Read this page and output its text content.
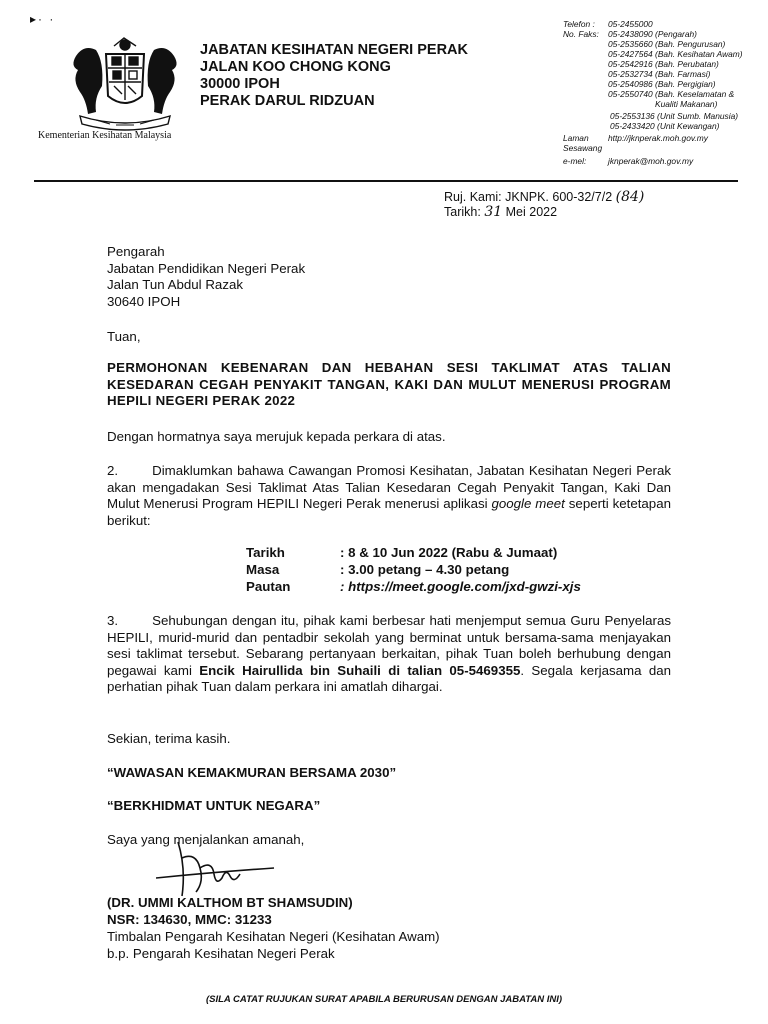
▸· ·
Kementerian Kesihatan Malaysia
JABATAN KESIHATAN NEGERI PERAK
JALAN KOO CHONG KONG
30000 IPOH
PERAK DARUL RIDZUAN
Telefon : 05-2455000
No. Faks: 05-2438090 (Pengarah)
05-2535660 (Bah. Pengurusan)
05-2427564 (Bah. Kesihatan Awam)
05-2542916 (Bah. Perubatan)
05-2532734 (Bah. Farmasi)
05-2540986 (Bah. Pergigian)
05-2550740 (Bah. Keselamatan &
Kualiti Makanan)
05-2553136 (Unit Sumb. Manusia)
05-2433420 (Unit Kewangan)
Laman http://jknperak.moh.gov.my
Sesawang
e-mel:	jknperak@moh.gov.my
Ruj. Kami: JKNPK. 600-32/7/2 (84)
Tarikh: 31 Mei 2022
Pengarah
Jabatan Pendidikan Negeri Perak
Jalan Tun Abdul Razak
30640 IPOH
Tuan,
PERMOHONAN KEBENARAN DAN HEBAHAN SESI TAKLIMAT ATAS TALIAN KESEDARAN CEGAH PENYAKIT TANGAN, KAKI DAN MULUT MENERUSI PROGRAM HEPILI NEGERI PERAK 2022
Dengan hormatnya saya merujuk kepada perkara di atas.
2.	Dimaklumkan bahawa Cawangan Promosi Kesihatan, Jabatan Kesihatan Negeri Perak akan mengadakan Sesi Taklimat Atas Talian Kesedaran Cegah Penyakit Tangan, Kaki Dan Mulut Menerusi Program HEPILI Negeri Perak menerusi aplikasi google meet seperti ketetapan berikut:
Tarikh	: 8 & 10 Jun 2022 (Rabu & Jumaat)
Masa	: 3.00 petang – 4.30 petang
Pautan	: https://meet.google.com/jxd-gwzi-xjs
3.	Sehubungan dengan itu, pihak kami berbesar hati menjemput semua Guru Penyelaras HEPILI, murid-murid dan pentadbir sekolah yang berminat untuk bersama-sama menjayakan sesi taklimat tersebut. Sebarang pertanyaan berkaitan, pihak Tuan boleh berhubung dengan pegawai kami Encik Hairullida bin Suhaili di talian 05-5469355. Segala kerjasama dan perhatian pihak Tuan dalam perkara ini amatlah dihargai.
Sekian, terima kasih.
“WAWASAN KEMAKMURAN BERSAMA 2030”
“BERKHIDMAT UNTUK NEGARA”
Saya yang menjalankan amanah,
(DR. UMMI KALTHOM BT SHAMSUDIN)
NSR: 134630, MMC: 31233
Timbalan Pengarah Kesihatan Negeri (Kesihatan Awam)
b.p. Pengarah Kesihatan Negeri Perak
(SILA CATAT RUJUKAN SURAT APABILA BERURUSAN DENGAN JABATAN INI)
